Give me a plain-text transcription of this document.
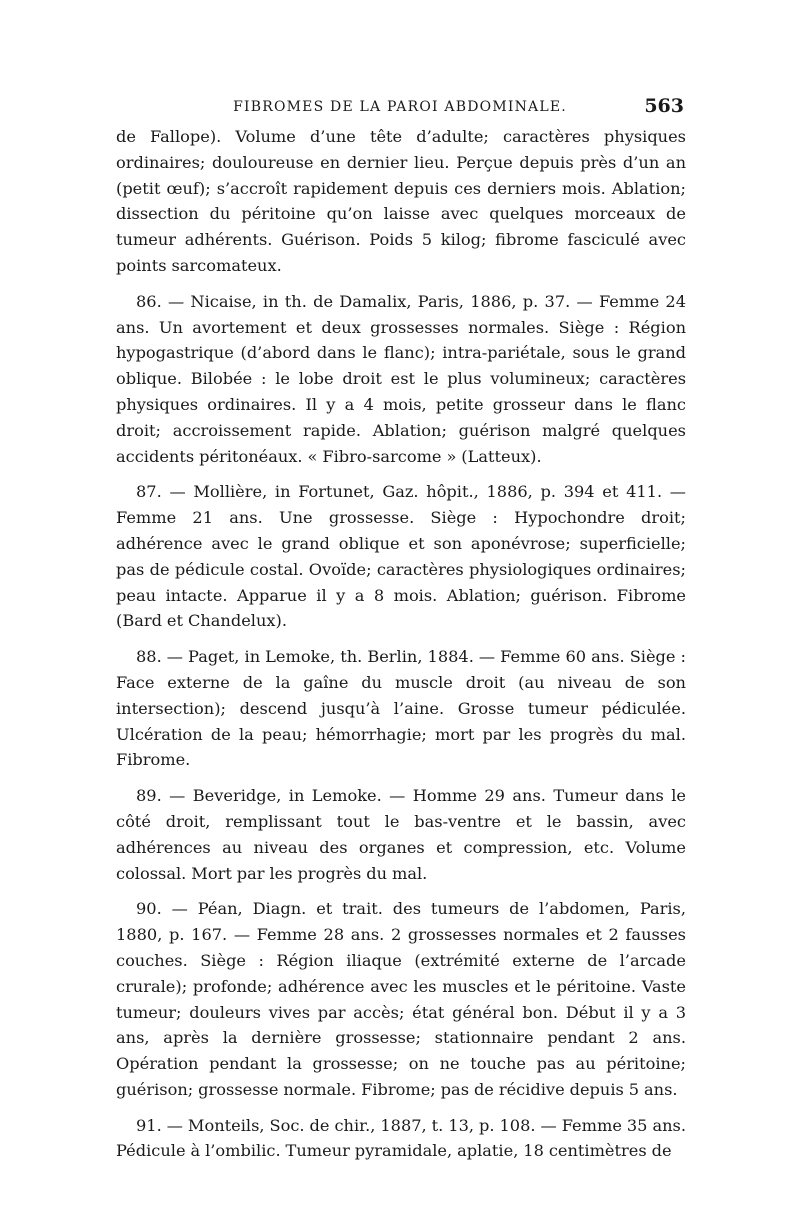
FIBROMES DE LA PAROI ABDOMINALE.	563

de Fallope). Volume d’une tête d’adulte; caractères physiques ordinaires; douloureuse en dernier lieu. Perçue depuis près d’un an (petit œuf); s’accroît rapidement depuis ces derniers mois. Ablation; dissection du péritoine qu’on laisse avec quelques morceaux de tumeur adhérents. Guérison. Poids 5 kilog; fibrome fasciculé avec points sarcomateux.

86. — Nicaise, in th. de Damalix, Paris, 1886, p. 37. — Femme 24 ans. Un avortement et deux grossesses normales. Siège : Région hypogastrique (d’abord dans le flanc); intra-pariétale, sous le grand oblique. Bilobée : le lobe droit est le plus volumineux; caractères physiques ordinaires. Il y a 4 mois, petite grosseur dans le flanc droit; accroissement rapide. Ablation; guérison malgré quelques accidents péritonéaux. « Fibro-sarcome » (Latteux).

87. — Mollière, in Fortunet, Gaz. hôpit., 1886, p. 394 et 411. — Femme 21 ans. Une grossesse. Siège : Hypochondre droit; adhérence avec le grand oblique et son aponévrose; superficielle; pas de pédicule costal. Ovoïde; caractères physiologiques ordinaires; peau intacte. Apparue il y a 8 mois. Ablation; guérison. Fibrome (Bard et Chandelux).

88. — Paget, in Lemoke, th. Berlin, 1884. — Femme 60 ans. Siège : Face externe de la gaîne du muscle droit (au niveau de son intersection); descend jusqu’à l’aine. Grosse tumeur pédiculée. Ulcération de la peau; hémorrhagie; mort par les progrès du mal. Fibrome.

89. — Beveridge, in Lemoke. — Homme 29 ans. Tumeur dans le côté droit, remplissant tout le bas-ventre et le bassin, avec adhérences au niveau des organes et compression, etc. Volume colossal. Mort par les progrès du mal.

90. — Péan, Diagn. et trait. des tumeurs de l’abdomen, Paris, 1880, p. 167. — Femme 28 ans. 2 grossesses normales et 2 fausses couches. Siège : Région iliaque (extrémité externe de l’arcade crurale); profonde; adhérence avec les muscles et le péritoine. Vaste tumeur; douleurs vives par accès; état général bon. Début il y a 3 ans, après la dernière grossesse; stationnaire pendant 2 ans. Opération pendant la grossesse; on ne touche pas au péritoine; guérison; grossesse normale. Fibrome; pas de récidive depuis 5 ans.

91. — Monteils, Soc. de chir., 1887, t. 13, p. 108. — Femme 35 ans. Pédicule à l’ombilic. Tumeur pyramidale, aplatie, 18 centimètres de
